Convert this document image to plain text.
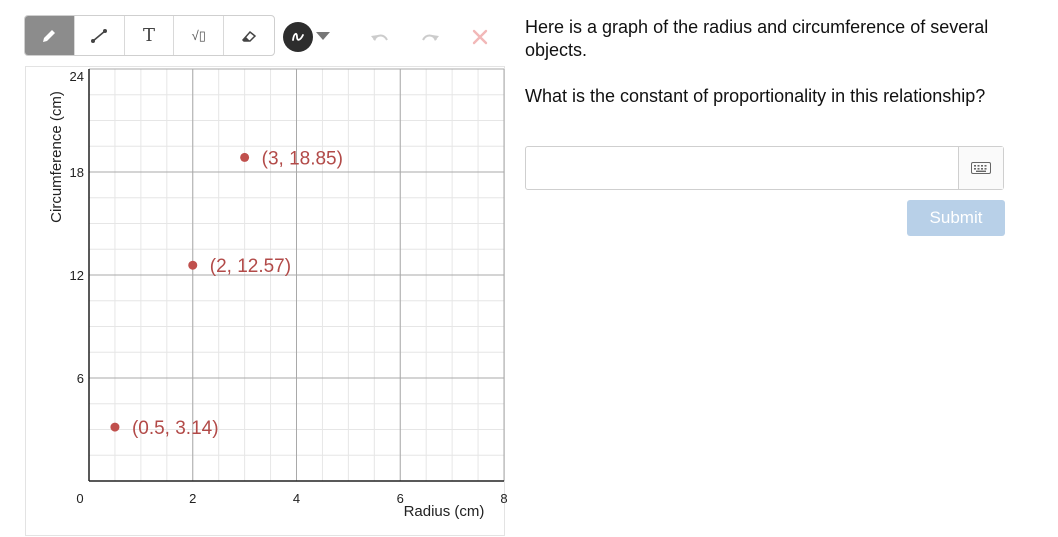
T	√▯
0	2	4	6	8
6
12
18
24
(0.5, 3.14)
(2, 12.57)
(3, 18.85)
Radius (cm)
Circumference (cm)

Here is a graph of the radius and circumference of several objects.

What is the constant of proportionality in this relationship?

Submit
